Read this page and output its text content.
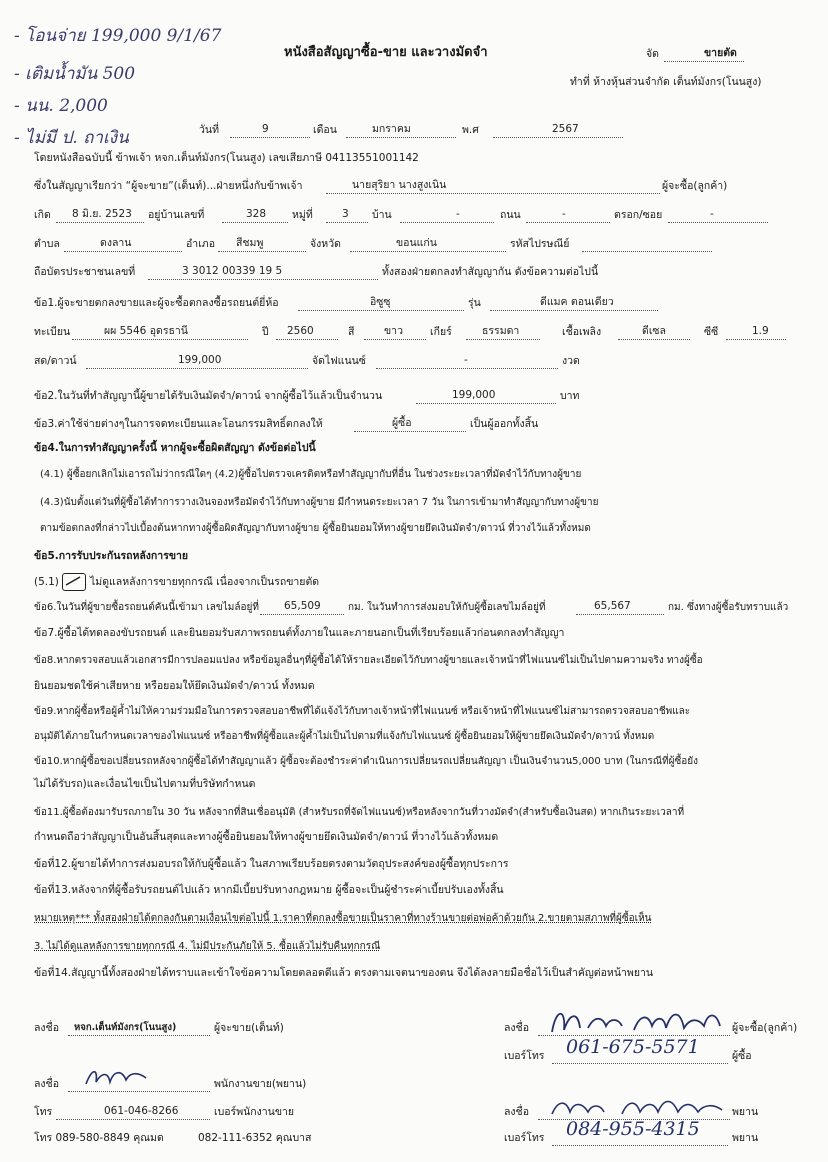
- โอนจ่าย 199,000 9/1/67
- เติมน้ำมัน 500
- นน. 2,000
- ไม่มี ป. ถาเงิน
หนังสือสัญญาซื้อ-ขาย และวางมัดจำ	จัด	ขายตัด
ทำที่ ห้างหุ้นส่วนจำกัด เต็นท์มังกร(โนนสูง)
วันที่	9	เดือน	มกราคม	พ.ศ	2567
โดยหนังสือฉบับนี้ ข้าพเจ้า หจก.เต็นท์มังกร(โนนสูง) เลขเสียภาษี 04113551001142
ซึ่งในสัญญาเรียกว่า “ผู้จะขาย”(เต็นท์)...ฝ่ายหนึ่งกับข้าพเจ้า	นายสุริยา นางสูงเนิน	ผู้จะซื้อ(ลูกค้า)
เกิด 8 มิ.ย. 2523 อยู่บ้านเลขที่	328 หมู่ที่	3 บ้าน	-	ถนน	-	ตรอก/ซอย	-
ตำบล	ดงลาน	อำเภอ สีชมพู	จังหวัด	ขอนแก่น	รหัสไปรษณีย์
ถือบัตรประชาชนเลขที่	3 3012 00339 19 5	ทั้งสองฝ่ายตกลงทำสัญญากัน ดังข้อความต่อไปนี้
ข้อ1.ผู้จะขายตกลงขายและผู้จะซื้อตกลงซื้อรถยนต์ยี่ห้อ	อิซูซุ	รุ่น	ดีแมค ตอนเดียว
ทะเบียน	ผผ 5546 อุดรธานี	ปี 2560	สี	ขาว	เกียร์	ธรรมดา	เชื้อเพลิง	ดีเซล	ซีซี	1.9
สด/ดาวน์	199,000	จัดไฟแนนซ์	-	งวด
ข้อ2.ในวันที่ทำสัญญานี้ผู้ขายได้รับเงินมัดจำ/ดาวน์ จากผู้ซื้อไว้แล้วเป็นจำนวน	199,000	บาท
ข้อ3.ค่าใช้จ่ายต่างๆในการจดทะเบียนและโอนกรรมสิทธิ์ตกลงให้	ผู้ซื้อ	เป็นผู้ออกทั้งสิ้น
ข้อ4.ในการทำสัญญาครั้งนี้ หากผู้จะซื้อผิดสัญญา ดังข้อต่อไปนี้
(4.1) ผู้ซื้อยกเลิกไม่เอารถไม่ว่ากรณีใดๆ (4.2)ผู้ซื้อไปตรวจเครดิตหรือทำสัญญากับที่อื่น ในช่วงระยะเวลาที่มัดจำไว้กับทางผู้ขาย
(4.3)นับตั้งแต่วันที่ผู้ซื้อได้ทำการวางเงินจองหรือมัดจำไว้กับทางผู้ขาย มีกำหนดระยะเวลา 7 วัน ในการเข้ามาทำสัญญากับทางผู้ขาย
ตามข้อตกลงที่กล่าวไปเบื้องต้นหากทางผู้ซื้อผิดสัญญากับทางผู้ขาย ผู้ซื้อยินยอมให้ทางผู้ขายยึดเงินมัดจำ/ดาวน์ ที่วางไว้แล้วทั้งหมด
ข้อ5.การรับประกันรถหลังการขาย
(5.1)	ไม่ดูแลหลังการขายทุกกรณี เนื่องจากเป็นรถขายตัด
ข้อ6.ในวันที่ผู้ขายซื้อรถยนต์คันนี้เข้ามา เลขไมล์อยู่ที่ 65,509	กม. ในวันทำการส่งมอบให้กับผู้ซื้อเลขไมล์อยู่ที่	65,567	กม. ซึ่งทางผู้ซื้อรับทราบแล้ว
ข้อ7.ผู้ซื้อได้ทดลองขับรถยนต์ และยินยอมรับสภาพรถยนต์ทั้งภายในและภายนอกเป็นที่เรียบร้อยแล้วก่อนตกลงทำสัญญา
ข้อ8.หากตรวจสอบแล้วเอกสารมีการปลอมแปลง หรือข้อมูลอื่นๆที่ผู้ซื้อได้ให้รายละเอียดไว้กับทางผู้ขายและเจ้าหน้าที่ไฟแนนซ์ไม่เป็นไปตามความจริง ทางผู้ซื้อ
ยินยอมชดใช้ค่าเสียหาย หรือยอมให้ยึดเงินมัดจำ/ดาวน์ ทั้งหมด
ข้อ9.หากผู้ซื้อหรือผู้ค้ำไม่ให้ความร่วมมือในการตรวจสอบอาชีพที่ได้แจ้งไว้กับทางเจ้าหน้าที่ไฟแนนซ์ หรือเจ้าหน้าที่ไฟแนนซ์ไม่สามารถตรวจสอบอาชีพและ
อนุมัติได้ภายในกำหนดเวลาของไฟแนนซ์ หรืออาชีพที่ผู้ซื้อและผู้ค้ำไม่เป็นไปตามที่แจ้งกับไฟแนนซ์ ผู้ซื้อยินยอมให้ผู้ขายยึดเงินมัดจำ/ดาวน์ ทั้งหมด
ข้อ10.หากผู้ซื้อขอเปลี่ยนรถหลังจากผู้ซื้อได้ทำสัญญาแล้ว ผู้ซื้อจะต้องชำระค่าดำเนินการเปลี่ยนรถเปลี่ยนสัญญา เป็นเงินจำนวน5,000 บาท (ในกรณีที่ผู้ซื้อยัง
ไม่ได้รับรถ)และเงื่อนไขเป็นไปตามที่บริษัทกำหนด
ข้อ11.ผู้ซื้อต้องมารับรถภายใน 30 วัน หลังจากที่สินเชื่ออนุมัติ (สำหรับรถที่จัดไฟแนนซ์)หรือหลังจากวันที่วางมัดจำ(สำหรับซื้อเงินสด) หากเกินระยะเวลาที่
กำหนดถือว่าสัญญาเป็นอันสิ้นสุดและทางผู้ซื้อยินยอมให้ทางผู้ขายยึดเงินมัดจำ/ดาวน์ ที่วางไว้แล้วทั้งหมด
ข้อที่12.ผู้ขายได้ทำการส่งมอบรถให้กับผู้ซื้อแล้ว ในสภาพเรียบร้อยตรงตามวัตถุประสงค์ของผู้ซื้อทุกประการ
ข้อที่13.หลังจากที่ผู้ซื้อรับรถยนต์ไปแล้ว หากมีเบี้ยปรับทางกฎหมาย ผู้ซื้อจะเป็นผู้ชำระค่าเบี้ยปรับเองทั้งสิ้น
หมายเหตุ*** ทั้งสองฝ่ายได้ตกลงกันตามเงื่อนไขต่อไปนี้ 1.ราคาที่ตกลงซื้อขายเป็นราคาที่ทางร้านขายต่อพ่อค้าด้วยกัน 2.ขายตามสภาพที่ผู้ซื้อเห็น
3. ไม่ได้ดูแลหลังการขายทุกกรณี 4. ไม่มีประกันภัยให้ 5. ซื้อแล้วไม่รับคืนทุกกรณี
ข้อที่14.สัญญานี้ทั้งสองฝ่ายได้ทราบและเข้าใจข้อความโดยตลอดดีแล้ว ตรงตามเจตนาของตน จึงได้ลงลายมือชื่อไว้เป็นสำคัญต่อหน้าพยาน
ลงชื่อ หจก.เต็นท์มังกร(โนนสูง)	ผู้จะขาย(เต็นท์)
ลงชื่อ	พนักงานขาย(พยาน)
โทร	061-046-8266	เบอร์พนักงานขาย
โทร 089-580-8849 คุณมด	082-111-6352 คุณบาส
ลงชื่อ	ผู้จะซื้อ(ลูกค้า)
เบอร์โทร 061-675-5571	ผู้ซื้อ
ลงชื่อ	พยาน
เบอร์โทร 084-955-4315	พยาน
